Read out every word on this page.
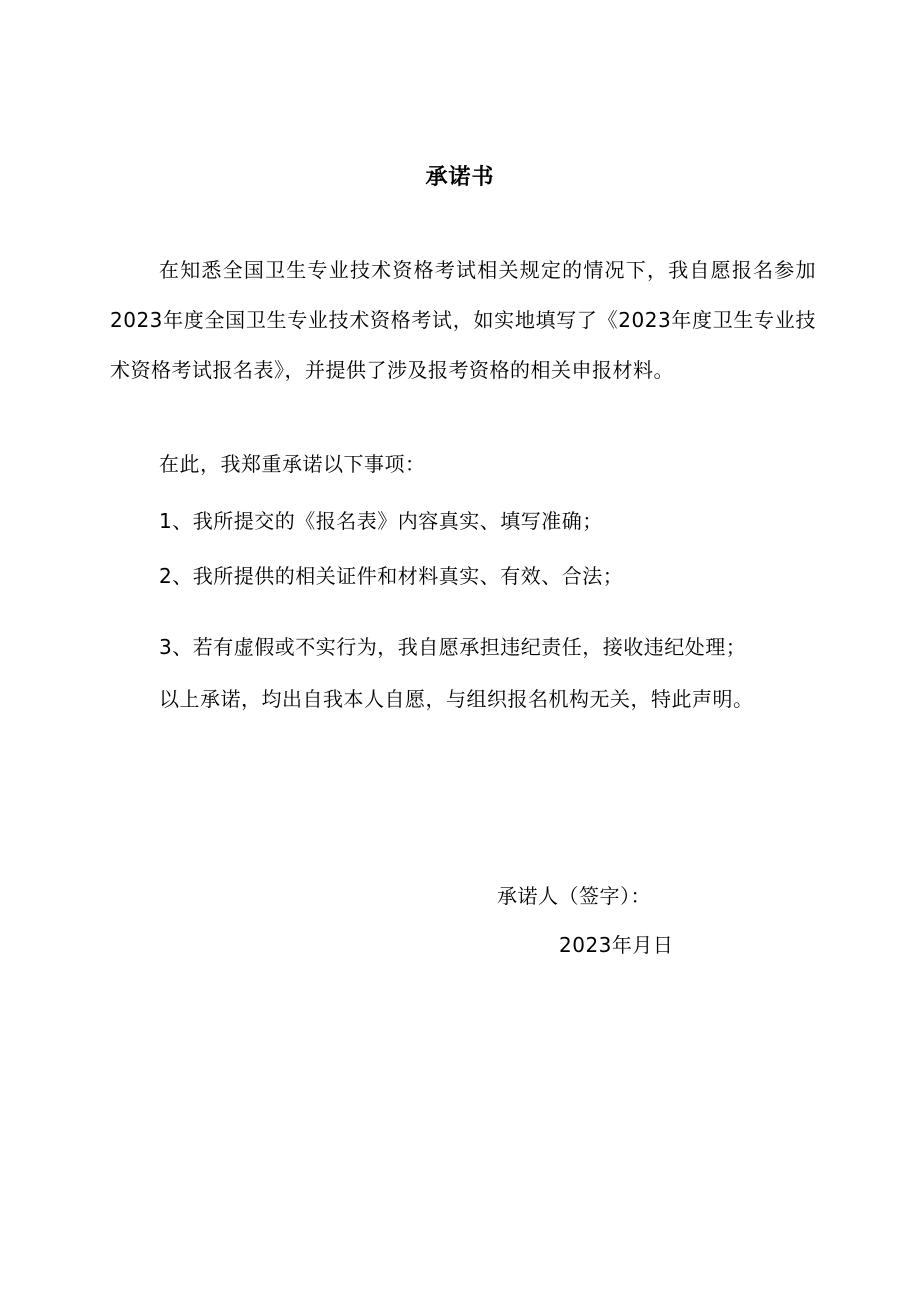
承诺书
在知悉全国卫生专业技术资格考试相关规定的情况下，我自愿报名参加2023年度全国卫生专业技术资格考试，如实地填写了《2023年度卫生专业技术资格考试报名表》，并提供了涉及报考资格的相关申报材料。
在此，我郑重承诺以下事项：
1、我所提交的《报名表》内容真实、填写准确；
2、我所提供的相关证件和材料真实、有效、合法；
3、若有虚假或不实行为，我自愿承担违纪责任，接收违纪处理；
以上承诺，均出自我本人自愿，与组织报名机构无关，特此声明。
承诺人（签字）：
2023年月日
